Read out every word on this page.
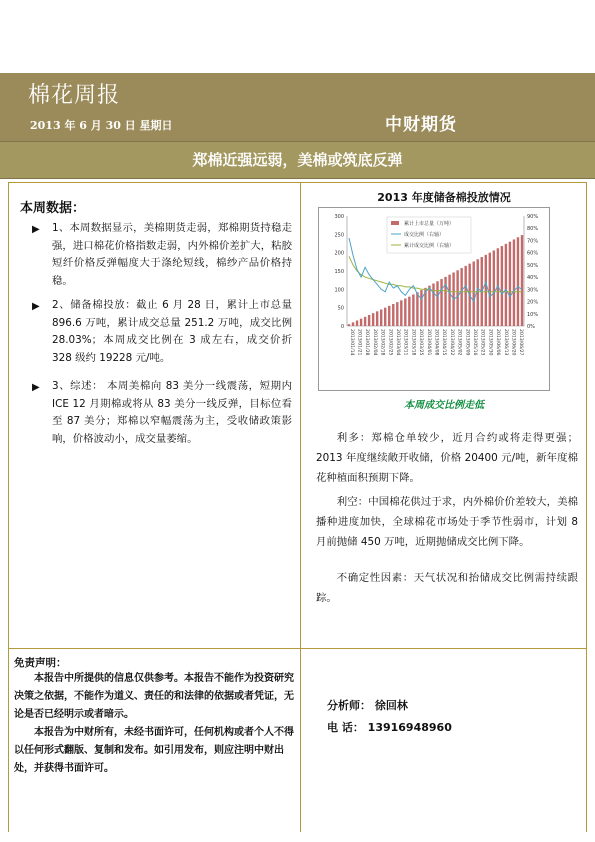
棉花周报
2013 年 6 月 30 日 星期日	中财期货
郑棉近强远弱，美棉或筑底反弹
本周数据：
▶ 1、本周数据显示，美棉期货走弱，郑棉期货持稳走强，进口棉花价格指数走弱，内外棉价差扩大，粘胶短纤价格反弹幅度大于涤纶短线，棉纱产品价格持稳。
▶ 2、储备棉投放：截止 6 月 28 日，累计上市总量 896.6 万吨，累计成交总量 251.2 万吨，成交比例 28.03%；本周成交比例在 3 成左右，成交价折 328 级约 19228 元/吨。
▶ 3、综述： 本周美棉向 83 美分一线震荡，短期内 ICE 12 月期棉或将从 83 美分一线反弹，目标位看至 87 美分；郑棉以窄幅震荡为主，受收储政策影响，价格波动小，成交量萎缩。
2013 年度储备棉投放情况
0
50
100
150
200
250
300
0%
10%
20%
30%
40%
50%
60%
70%
80%
90%
2013/01/14 2013/01/21 2013/01/28 2013/02/04 2013/02/18 2013/02/25 2013/03/04 2013/03/11 2013/03/18 2013/03/25 2013/04/01 2013/04/08 2013/04/15 2013/04/22 2013/05/02 2013/05/09 2013/05/16 2013/05/23 2013/05/30 2013/06/06 2013/06/13 2013/06/20 2013/06/27
累计上市总量（万吨）
成交比例（右轴）
累计成交比例（右轴）
本周成交比例走低
利多：郑棉仓单较少，近月合约或将走得更强；2013 年度继续敞开收储，价格 20400 元/吨，新年度棉花种植面积预期下降。
利空：中国棉花供过于求，内外棉价价差较大，美棉播种进度加快，全球棉花市场处于季节性弱市，计划 8 月前抛储 450 万吨，近期抛储成交比例下降。
不确定性因素：天气状况和抬储成交比例需持续跟踪。
免责声明：
本报告中所提供的信息仅供参考。本报告不能作为投资研究决策之依据，不能作为道义、责任的和法律的依据或者凭证，无论是否已经明示或者暗示。
本报告为中财所有，未经书面许可，任何机构或者个人不得以任何形式翻版、复制和发布。如引用发布，则应注明中财出处，并获得书面许可。
分析师： 徐回林
电 话： 13916948960
